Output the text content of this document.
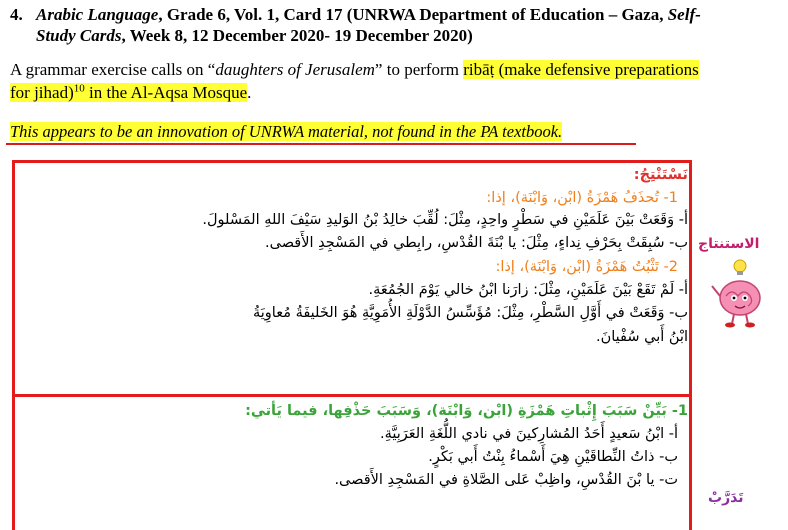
4. Arabic Language, Grade 6, Vol. 1, Card 17 (UNRWA Department of Education – Gaza, Self-
Study Cards, Week 8, 12 December 2020- 19 December 2020)
A grammar exercise calls on “daughters of Jerusalem” to perform ribāṭ (make defensive preparations
for jihad)$^{10}$ in the Al-Aqsa Mosque.
This appears to be an innovation of UNRWA material, not found in the PA textbook.
نَسْتَنْتِجُ:
1- تُحذَفُ هَمْزَةُ (ابْن، وَابْنَة)، إذا:
أ- وَقَعَتْ بَيْنَ عَلَمَيْنِ في سَطْرٍ واحِدٍ، مِثْلَ: لُقِّبَ خالِدُ بْنُ الوَليدِ سَيْفَ اللهِ المَسْلولَ.
ب- سُبِقَتْ بِحَرْفِ نِداءٍ، مِثْلَ: يا بْنَةَ القُدْسِ، رابِطي في المَسْجِدِ الأَقصى.
2- تَثْبُتُ هَمْزَةُ (ابْن، وَابْنَة)، إذا:
أ- لَمْ تَقَعْ بَيْنَ عَلَمَيْنِ، مِثْلَ: زارَنا ابْنُ خالي يَوْمَ الجُمُعَةِ.
ب- وَقَعَتْ في أَوَّلِ السَّطْرِ، مِثْلَ: مُؤَسِّسُ الدَّوْلَةِ الأُمَوِيَّةِ هُوَ الخَليفَةُ مُعاوِيَةُ
ابْنُ أَبي سُفْيانَ.
الاستنتاج
1- بَيِّنْ سَبَبَ إِثْباتِ هَمْزَةِ (ابْن، وَابْنَة)، وَسَبَبَ حَذْفِها، فيما يَأتي:
أ- ابْنُ سَعيدٍ أَحَدُ المُشارِكينَ في نادي اللُّغَةِ العَرَبِيَّةِ.
ب- ذاتُ النِّطاقَيْنِ هِيَ أَسْماءُ بِنْتُ أَبي بَكْرٍ.
ت- يا بْنَ القُدْسِ، واظِبْ عَلى الصَّلاةِ في المَسْجِدِ الأَقصى.
تَدَرَّبْ
